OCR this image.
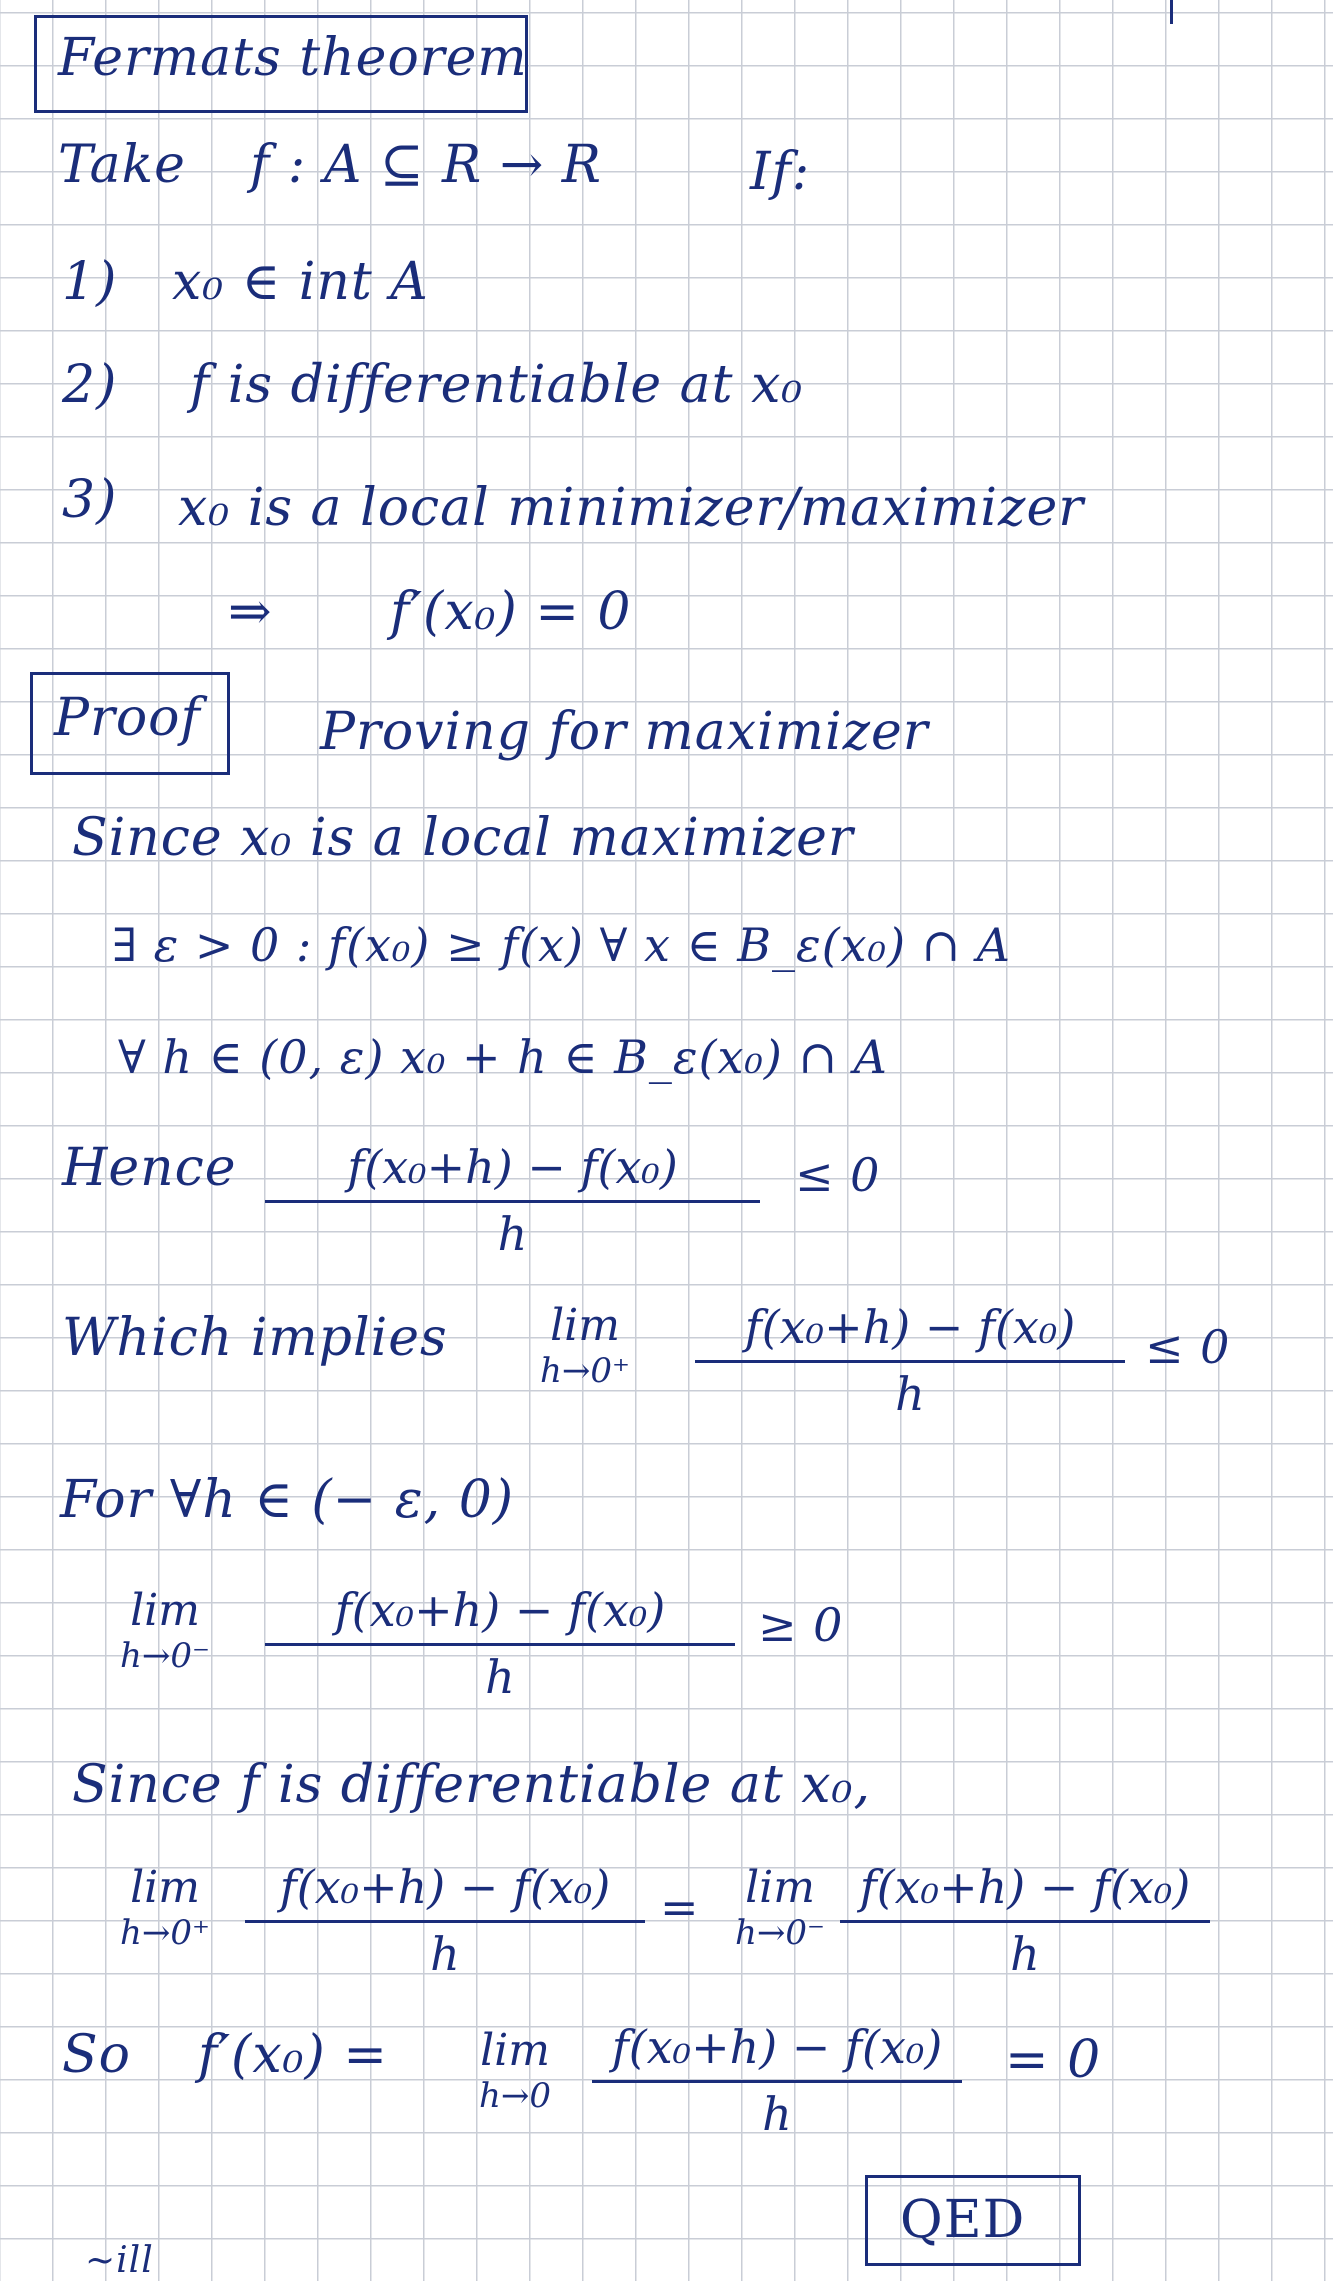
Fermats theorem
Take f : A ⊆ R → R	If:
1) x₀ ∈ int A
2) f is differentiable at x₀
3) x₀ is a local minimizer/maximizer
⇒ f′(x₀) = 0
Proof Proving for maximizer
Since x₀ is a local maximizer
∃ ε > 0 : f(x₀) ≥ f(x) ∀ x ∈ B_ε(x₀) ∩ A
∀ h ∈ (0, ε) x₀ + h ∈ B_ε(x₀) ∩ A
Hence $\frac{\text{f(x₀+h) − f(x₀)}}{h} \le 0$
Which implies	lim
h→0⁺	$\frac{\text{f(x₀+h) − f(x₀)}}{h} \le 0$
For ∀h ∈ (− ε, 0)
lim
h→0⁻	$\frac{\text{f(x₀+h) − f(x₀)}}{h} \ge 0$
Since f is differentiable at x₀,
lim
$h\to 0^+ \frac{\text{f(x₀+h) − f(x₀)}}{h}$ =	lim
$h\to 0^- \frac{\text{f(x₀+h) − f(x₀)}}{h}$
So f′(x₀) =	lim
$h\to 0 \frac{\text{f(x₀+h) − f(x₀)}}{h} = 0$
QED
~ill
